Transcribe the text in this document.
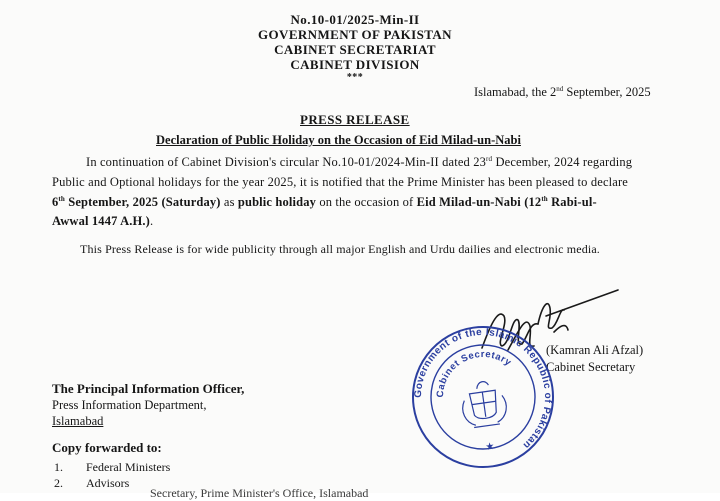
No.10-01/2025-Min-II
GOVERNMENT OF PAKISTAN
CABINET SECRETARIAT
CABINET DIVISION
***
Islamabad, the 2nd September, 2025
PRESS RELEASE
Declaration of Public Holiday on the Occasion of Eid Milad-un-Nabi
In continuation of Cabinet Division's circular No.10-01/2024-Min-II dated 23rd December, 2024 regarding
Public and Optional holidays for the year 2025, it is notified that the Prime Minister has been pleased to declare
6th September, 2025 (Saturday) as public holiday on the occasion of Eid Milad-un-Nabi (12th Rabi-ul-
Awwal 1447 A.H.).
This Press Release is for wide publicity through all major English and Urdu dailies and electronic media.
(Kamran Ali Afzal)
Cabinet Secretary
Government of the Islamic Republic of Pakistan
Cabinet Secretary
★
The Principal Information Officer,
Press Information Department,
Islamabad
Copy forwarded to:
1. Federal Ministers
2. Advisors
Secretary, Prime Minister's Office, Islamabad
